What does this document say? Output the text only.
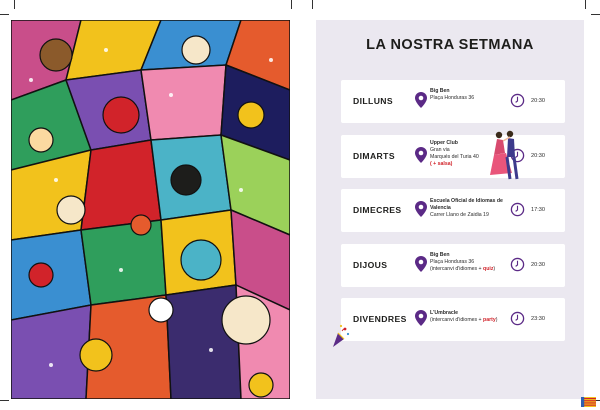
LA NOSTRA SETMANA
DILLUNS
Big Ben
Plaça Honduras 36	20:30
DIMARTS
Upper Club
Gran via
Marqués del Turia 40
( + salsa)
20:30
DIMECRES
Escuela Oficial de Idiomas de Valencia
Carrer Llano de Zaidia 19
17:30
DIJOUS
Big Ben
Plaça Honduras 36
(intercanvi d'idiomes + quiz)
20:30
DIVENDRES
L'Umbracle
(intercanvi d'idiomes + party)	23:30
